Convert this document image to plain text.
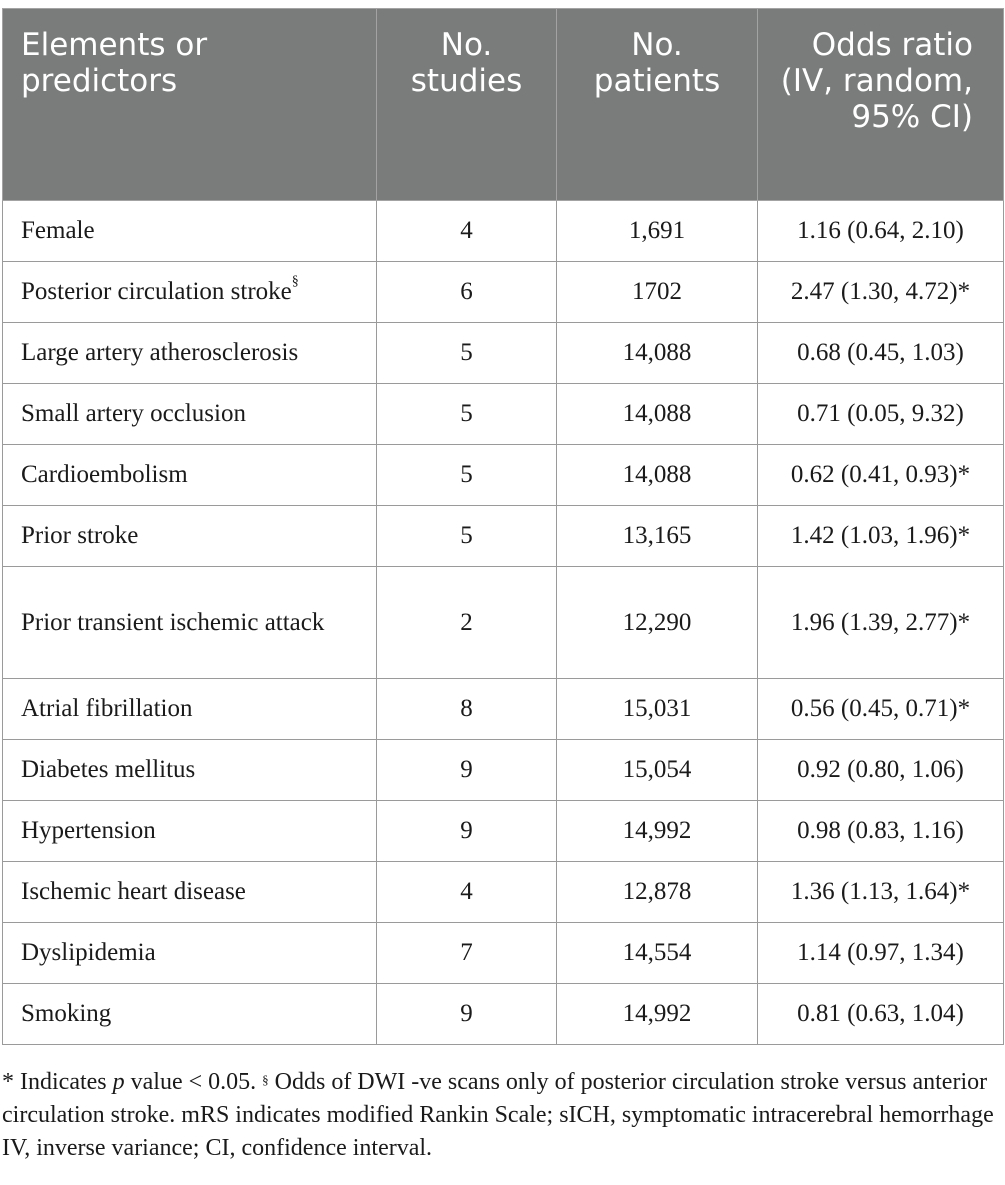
Elements or predictors	No. studies	No. patients	Odds ratio (IV, random, 95% CI)
Female	4	1,691	1.16 (0.64, 2.10)
Posterior circulation stroke§	6	1702	2.47 (1.30, 4.72)*
Large artery atherosclerosis	5	14,088	0.68 (0.45, 1.03)
Small artery occlusion	5	14,088	0.71 (0.05, 9.32)
Cardioembolism	5	14,088	0.62 (0.41, 0.93)*
Prior stroke	5	13,165	1.42 (1.03, 1.96)*
Prior transient ischemic attack	2	12,290	1.96 (1.39, 2.77)*
Atrial fibrillation	8	15,031	0.56 (0.45, 0.71)*
Diabetes mellitus	9	15,054	0.92 (0.80, 1.06)
Hypertension	9	14,992	0.98 (0.83, 1.16)
Ischemic heart disease	4	12,878	1.36 (1.13, 1.64)*
Dyslipidemia	7	14,554	1.14 (0.97, 1.34)
Smoking	9	14,992	0.81 (0.63, 1.04)
* Indicates p value < 0.05. § Odds of DWI -ve scans only of posterior circulation stroke versus anterior circulation stroke. mRS indicates modified Rankin Scale; sICH, symptomatic intracerebral hemorrhage IV, inverse variance; CI, confidence interval.
